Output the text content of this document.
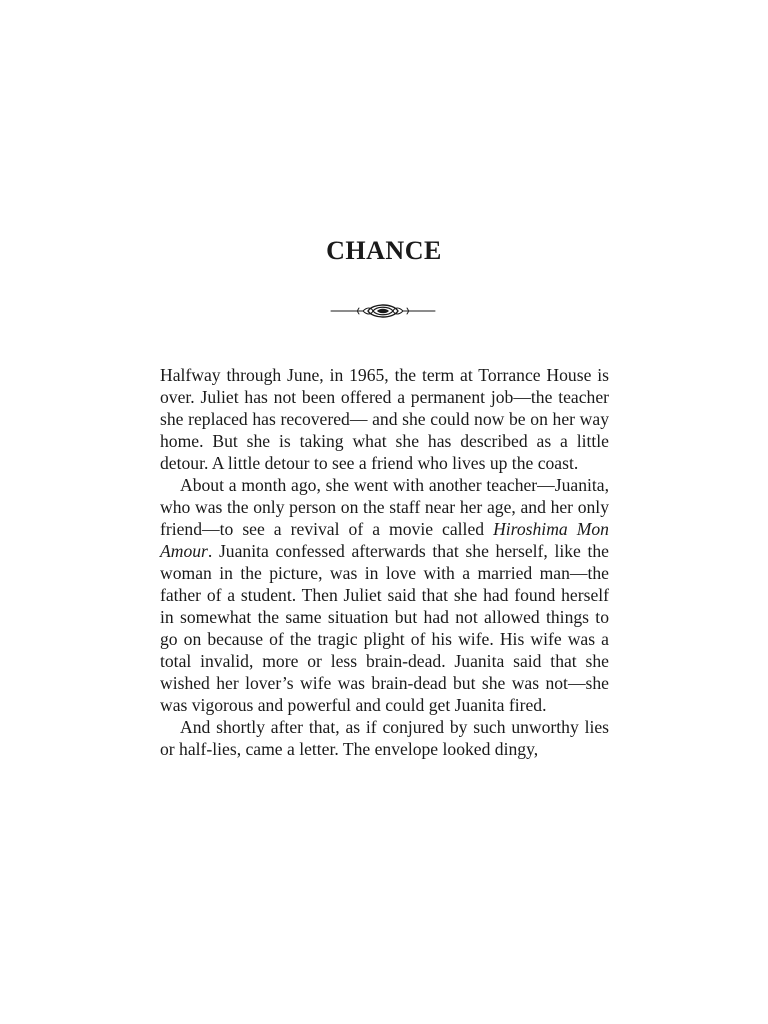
CHANCE

Halfway through June, in 1965, the term at Torrance House is over. Juliet has not been offered a permanent job—the teacher she replaced has recovered— and she could now be on her way home. But she is taking what she has described as a little detour. A little detour to see a friend who lives up the coast.

About a month ago, she went with another teacher—Juanita, who was the only person on the staff near her age, and her only friend—to see a revival of a movie called Hiroshima Mon Amour. Juanita confessed afterwards that she herself, like the woman in the picture, was in love with a married man—the father of a student. Then Juliet said that she had found herself in somewhat the same situation but had not allowed things to go on because of the tragic plight of his wife. His wife was a total invalid, more or less brain-dead. Juanita said that she wished her lover’s wife was brain-dead but she was not—she was vigorous and powerful and could get Juanita fired.

And shortly after that, as if conjured by such unworthy lies or half-lies, came a letter. The envelope looked dingy,
